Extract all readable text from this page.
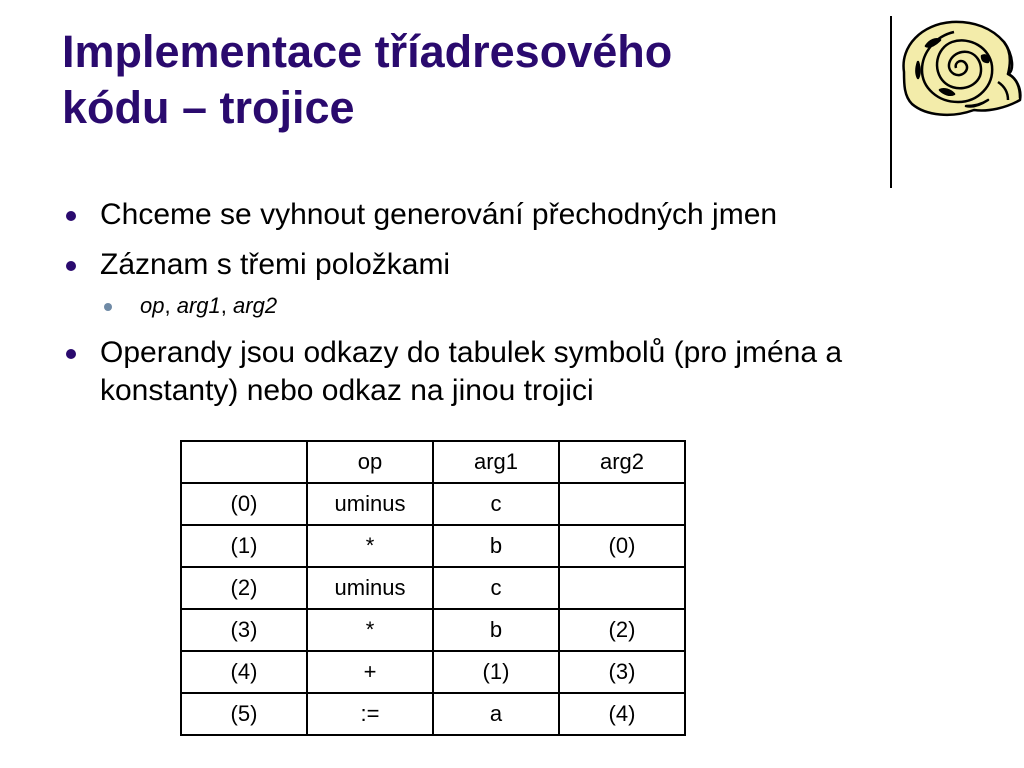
Implementace tříadresového
kódu – trojice
Chceme se vyhnout generování přechodných jmen
Záznam s třemi položkami
op, arg1, arg2
Operandy jsou odkazy do tabulek symbolů (pro jména a konstanty) nebo odkaz na jinou trojici
	op	arg1	arg2
(0)	uminus	c	
(1)	*	b	(0)
(2)	uminus	c	
(3)	*	b	(2)
(4)	+	(1)	(3)
(5)	:=	a	(4)
